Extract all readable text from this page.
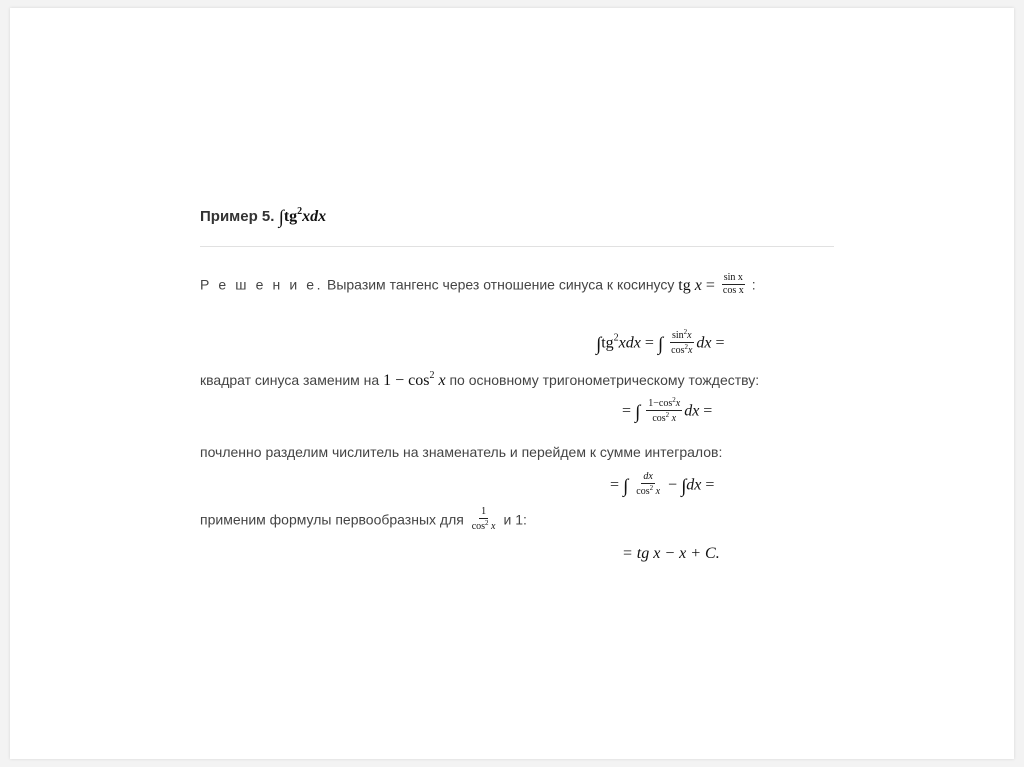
Пример 5. $\int tg^2xdx$
Р е ш е н и е. Выразим тангенс через отношение синуса к косинусу tg $x = \frac{\text{sin x}}{\text{cos x}}$ :
$\int tg^2xdx$ = ∫ $\frac{\sin^2x}{\cos^2x}$ dx =
квадрат синуса заменим на $1 - \cos^2 x$ по основному тригонометрическому тождеству:
= ∫ $\frac{1-\cos^2x}{\cos^2 x}$ dx =
почленно разделим числитель на знаменатель и перейдем к сумме интегралов:
= ∫ $\frac{dx}{\cos^2 x} - \int dx$ =
применим формулы первообразных для $\frac{1}{\cos^2 x}$ и 1:
= tg x − x + C.
